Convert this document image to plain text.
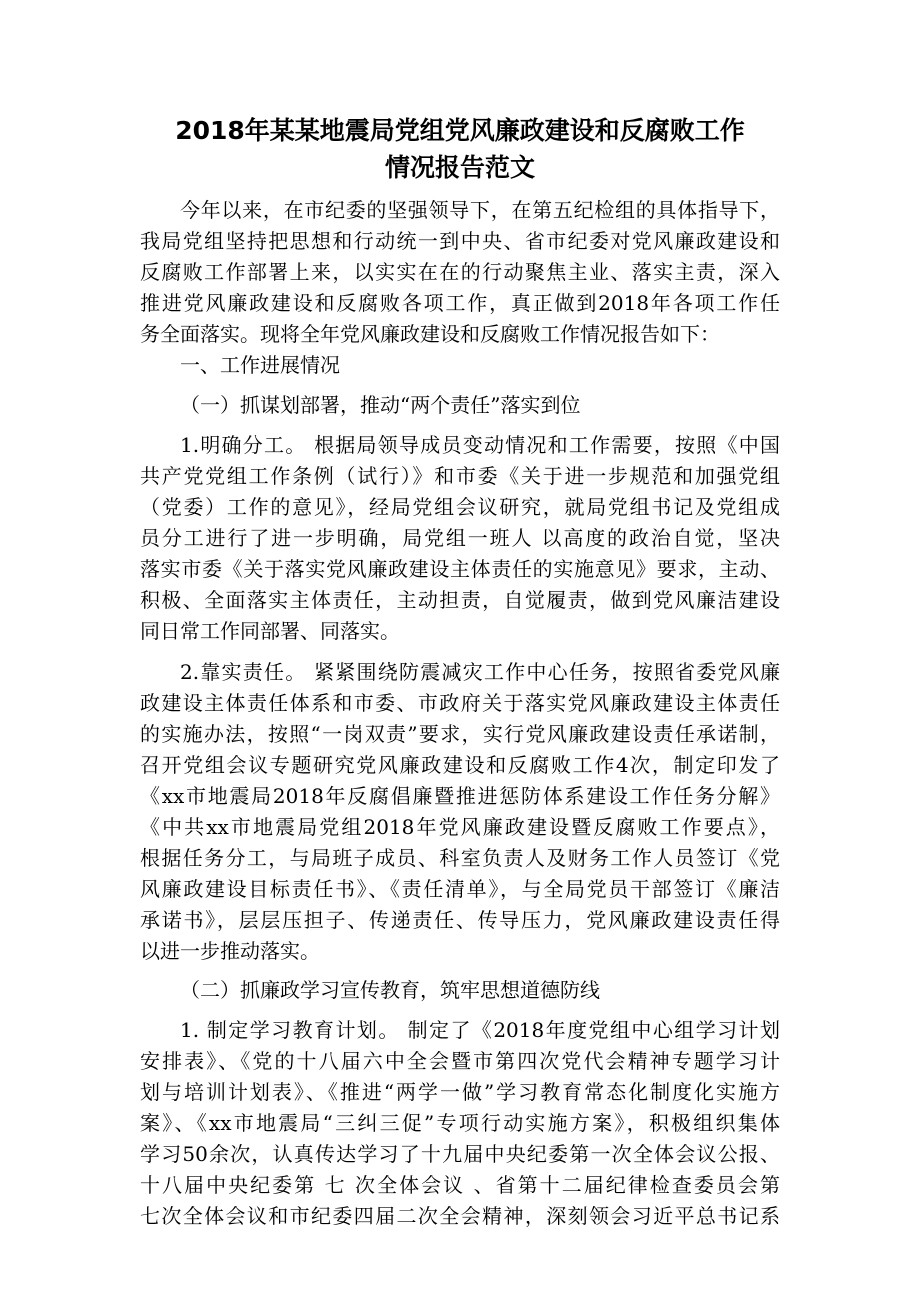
2018年某某地震局党组党风廉政建设和反腐败工作
情况报告范文
今年以来，在市纪委的坚强领导下，在第五纪检组的具体指导下，
我局党组坚持把思想和行动统一到中央、省市纪委对党风廉政建设和
反腐败工作部署上来，以实实在在的行动聚焦主业、落实主责，深入
推进党风廉政建设和反腐败各项工作，真正做到2018年各项工作任
务全面落实。现将全年党风廉政建设和反腐败工作情况报告如下：
一、工作进展情况
（一）抓谋划部署，推动“两个责任”落实到位
1.明确分工。 根据局领导成员变动情况和工作需要，按照《中国
共产党党组工作条例（试行）》和市委《关于进一步规范和加强党组
（党委）工作的意见》，经局党组会议研究，就局党组书记及党组成
员分工进行了进一步明确，局党组一班人 以高度的政治自觉，坚决
落实市委《关于落实党风廉政建设主体责任的实施意见》要求，主动、
积极、全面落实主体责任，主动担责，自觉履责，做到党风廉洁建设
同日常工作同部署、同落实。
2.靠实责任。 紧紧围绕防震减灾工作中心任务，按照省委党风廉
政建设主体责任体系和市委、市政府关于落实党风廉政建设主体责任
的实施办法，按照“一岗双责”要求，实行党风廉政建设责任承诺制，
召开党组会议专题研究党风廉政建设和反腐败工作4次，制定印发了
《xx市地震局2018年反腐倡廉暨推进惩防体系建设工作任务分解》
《中共xx市地震局党组2018年党风廉政建设暨反腐败工作要点》，
根据任务分工，与局班子成员、科室负责人及财务工作人员签订《党
风廉政建设目标责任书》、《责任清单》，与全局党员干部签订《廉洁
承诺书》，层层压担子、传递责任、传导压力，党风廉政建设责任得
以进一步推动落实。
（二）抓廉政学习宣传教育，筑牢思想道德防线
1. 制定学习教育计划。 制定了《2018年度党组中心组学习计划
安排表》、《党的十八届六中全会暨市第四次党代会精神专题学习计
划与培训计划表》、《推进“两学一做”学习教育常态化制度化实施方
案》、《xx市地震局“三纠三促”专项行动实施方案》，积极组织集体
学习50余次，认真传达学习了十九届中央纪委第一次全体会议公报、
十八届中央纪委第 七 次全体会议 、省第十二届纪律检查委员会第
七次全体会议和市纪委四届二次全会精神，深刻领会习近平总书记系
